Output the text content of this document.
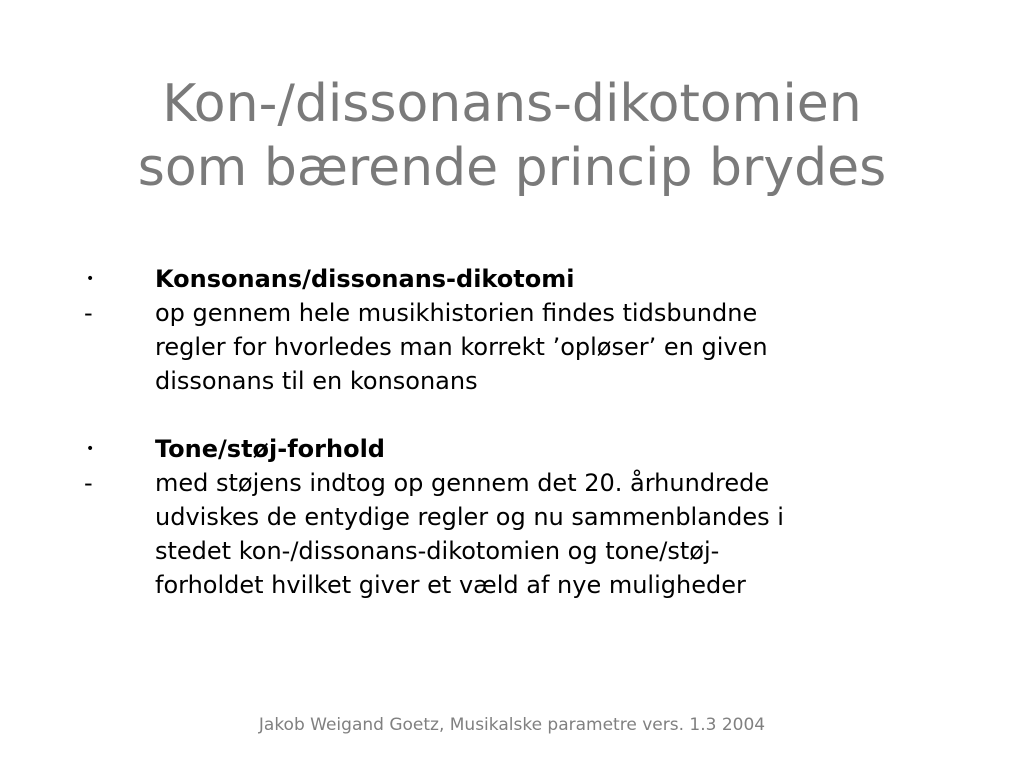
Kon-/dissonans-dikotomien
som bærende princip brydes
•	Konsonans/dissonans-dikotomi
-	op gennem hele musikhistorien findes tidsbundne
regler for hvorledes man korrekt ’opløser’ en given
dissonans til en konsonans
•	Tone/støj-forhold
-	med støjens indtog op gennem det 20. århundrede
udviskes de entydige regler og nu sammenblandes i
stedet kon-/dissonans-dikotomien og tone/støj-
forholdet hvilket giver et væld af nye muligheder
Jakob Weigand Goetz, Musikalske parametre vers. 1.3 2004
